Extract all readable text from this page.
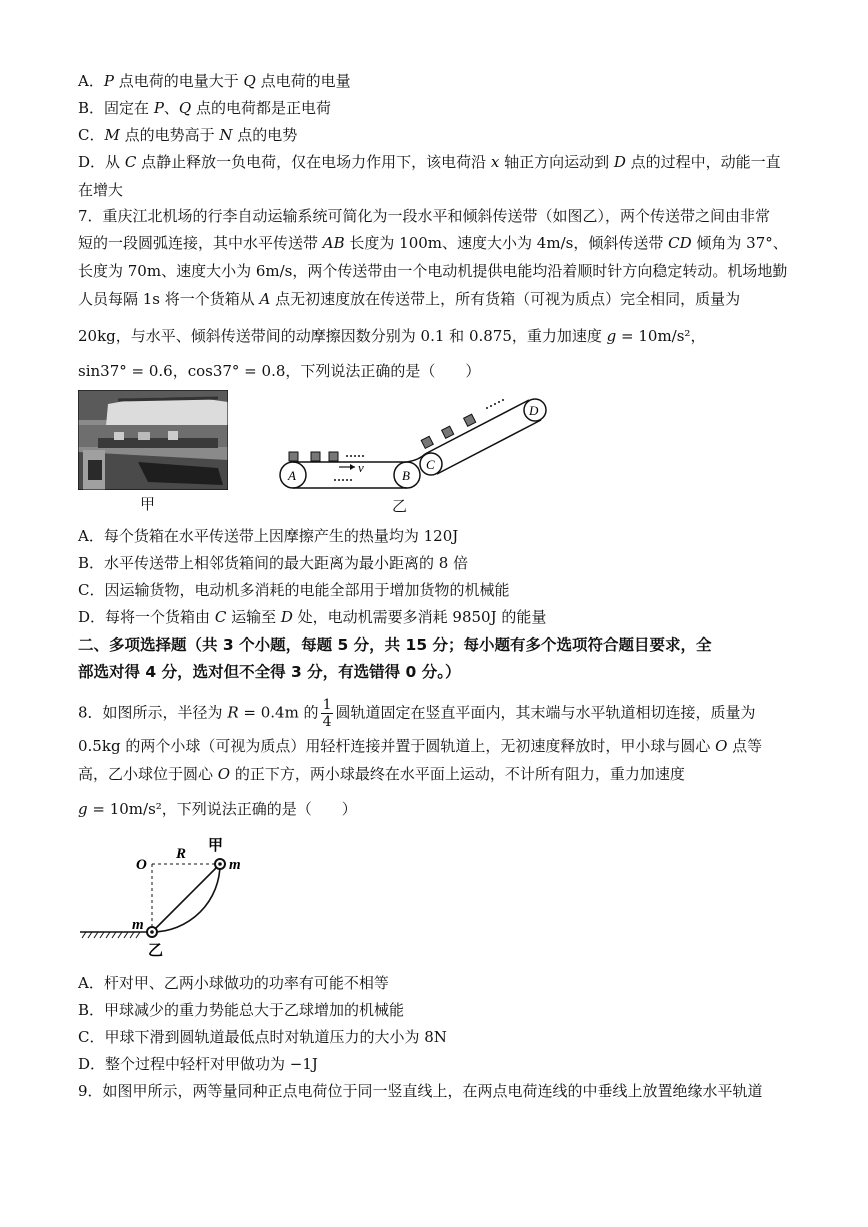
A．P 点电荷的电量大于 Q 点电荷的电量
B．固定在 P、Q 点的电荷都是正电荷
C．M 点的电势高于 N 点的电势
D．从 C 点静止释放一负电荷，仅在电场力作用下，该电荷沿 x 轴正方向运动到 D 点的过程中，动能一直
在增大
7．重庆江北机场的行李自动运输系统可简化为一段水平和倾斜传送带（如图乙），两个传送带之间由非常
短的一段圆弧连接，其中水平传送带 AB 长度为 100m、速度大小为 4m/s，倾斜传送带 CD 倾角为 37°、
长度为 70m、速度大小为 6m/s，两个传送带由一个电动机提供电能均沿着顺时针方向稳定转动。机场地勤
人员每隔 1s 将一个货箱从 A 点无初速度放在传送带上，所有货箱（可视为质点）完全相同，质量为
20kg，与水平、倾斜传送带间的动摩擦因数分别为 0.1 和 0.875，重力加速度 g = 10m/s²，
sin37° = 0.6，cos37° = 0.8，下列说法正确的是（　　）
甲
v
A	B
C
D
乙
A．每个货箱在水平传送带上因摩擦产生的热量均为 120J
B．水平传送带上相邻货箱间的最大距离为最小距离的 8 倍
C．因运输货物，电动机多消耗的电能全部用于增加货物的机械能
D．每将一个货箱由 C 运输至 D 处，电动机需要多消耗 9850J 的能量
二、多项选择题（共 3 个小题，每题 5 分，共 15 分；每小题有多个选项符合题目要求，全
部选对得 4 分，选对但不全得 3 分，有选错得 0 分。）
8．如图所示，半径为 R = 0.4m 的 $\frac{1}{4}$ 圆轨道固定在竖直平面内，其末端与水平轨道相切连接，质量为
0.5kg 的两个小球（可视为质点）用轻杆连接并置于圆轨道上，无初速度释放时，甲小球与圆心 O 点等
高，乙小球位于圆心 O 的正下方，两小球最终在水平面上运动，不计所有阻力，重力加速度
g = 10m/s²，下列说法正确的是（　　）
O
R 甲
m
m
乙
A．杆对甲、乙两小球做功的功率有可能不相等
B．甲球减少的重力势能总大于乙球增加的机械能
C．甲球下滑到圆轨道最低点时对轨道压力的大小为 8N
D．整个过程中轻杆对甲做功为 −1J
9．如图甲所示，两等量同种正点电荷位于同一竖直线上，在两点电荷连线的中垂线上放置绝缘水平轨道
